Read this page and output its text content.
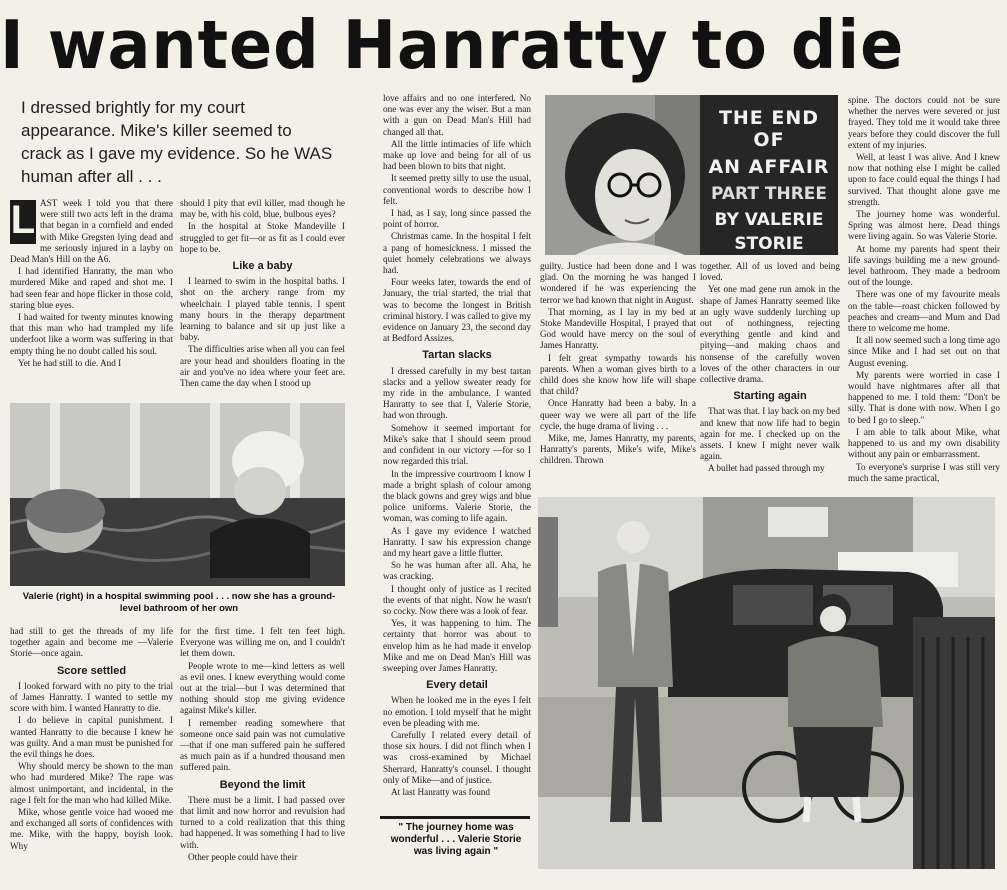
I wanted Hanratty to die
I dressed brightly for my court appearance. Mike's killer seemed to crack as I gave my evidence. So he WAS human after all . . .
L AST week I told you that there were still two acts left in the drama that began in a cornfield and ended with Mike Gregsten lying dead and me seriously injured in a layby on Dead Man's Hill on the A6.

I had identified Hanratty, the man who murdered Mike and raped and shot me. I had seen fear and hope flicker in those cold, staring blue eyes.

I had waited for twenty minutes knowing that this man who had trampled my life underfoot like a worm was suffering in that empty thing he no doubt called his soul.

Yet he had still to die. And I

should I pity that evil killer, mad though he may be, with his cold, blue, bulbous eyes?

In the hospital at Stoke Mandeville I struggled to get fit—or as fit as I could ever hope to be.

Like a baby

I learned to swim in the hospital baths. I shot on the archery range from my wheelchair. I played table tennis. I spent many hours in the therapy department learning to balance and sit up just like a baby.

The difficulties arise when all you can feel are your head and shoulders floating in the air and you've no idea where your feet are. Then came the day when I stood up

Valerie (right) in a hospital swimming pool . . . now she has a ground-level bathroom of her own

had still to get the threads of my life together again and become me —Valerie Storie—once again.

Score settled

I looked forward with no pity to the trial of James Hanratty. I wanted to settle my score with him. I wanted Hanratty to die.

I do believe in capital punishment. I wanted Hanratty to die because I knew he was guilty. And a man must be punished for the evil things he does.

Why should mercy be shown to the man who had murdered Mike? The rape was almost unimportant, and incidental, in the rage I felt for the man who had killed Mike.

Mike, whose gentle voice had wooed me and exchanged all sorts of confidences with me. Mike, with the happy, boyish look. Why

for the first time. I felt ten feet high. Everyone was willing me on, and I couldn't let them down.

People wrote to me—kind letters as well as evil ones. I knew everything would come out at the trial—but I was determined that nothing should stop me giving evidence against Mike's killer.

I remember reading somewhere that someone once said pain was not cumulative—that if one man suffered pain he suffered as much pain as if a hundred thousand men suffered pain.

Beyond the limit

There must be a limit. I had passed over that limit and now horror and revulsion had turned to a cold realization that this thing had happened. It was something I had to live with.

Other people could have their

love affairs and no one interfered. No one was ever any the wiser. But a man with a gun on Dead Man's Hill had changed all that.

All the little intimacies of life which make up love and being for all of us had been blown to bits that night.

It seemed pretty silly to use the usual, conventional words to describe how I felt.

I had, as I say, long since passed the point of horror.

Christmas came. In the hospital I felt a pang of homesickness. I missed the quiet homely celebrations we always had.

Four weeks later, towards the end of January, the trial started, the trial that was to become the longest in British criminal history. I was called to give my evidence on January 23, the second day at Bedford Assizes.

Tartan slacks

I dressed carefully in my best tartan slacks and a yellow sweater ready for my ride in the ambulance. I wanted Hanratty to see that I, Valerie Storie, had won through.

Somehow it seemed important for Mike's sake that I should seem proud and confident in our victory —for so I now regarded this trial.

In the impressive courtroom I know I made a bright splash of colour among the black gowns and grey wigs and blue police uniforms. Valerie Storie, the woman, was coming to life again.

As I gave my evidence I watched Hanratty. I saw his expression change and my heart gave a little flutter.

So he was human after all. Aha, he was cracking.

I thought only of justice as I recited the events of that night. Now he wasn't so cocky. Now there was a look of fear.

Yes, it was happening to him. The certainty that horror was about to envelop him as he had made it envelop Mike and me on Dead Man's Hill was sweeping over James Hanratty.

Every detail

When he looked me in the eyes I felt no emotion. I told myself that he might even be pleading with me.

Carefully I related every detail of those six hours. I did not flinch when I was cross-examined by Michael Sherrard, Hanratty's counsel. I thought only of Mike—and of justice.

At last Hanratty was found

" The journey home was wonderful . . . Valerie Storie was living again "
THE END OF
AN AFFAIR
PART THREE
BY VALERIE
STORIE

guilty. Justice had been done and I was glad. On the morning he was hanged I wondered if he was experiencing the terror we had known that night in August.

That morning, as I lay in my bed at Stoke Mandeville Hospital, I prayed that God would have mercy on the soul of James Hanratty.

I felt great sympathy towards his parents. When a woman gives birth to a child does she know how life will shape that child?

Once Hanratty had been a baby. In a queer way we were all part of the life cycle, the huge drama of living . . .

Mike, me, James Hanratty, my parents, Hanratty's parents, Mike's wife, Mike's children. Thrown

together. All of us loved and being loved.

Yet one mad gene run amok in the shape of James Hanratty seemed like an ugly wave suddenly lurching up out of nothingness, rejecting everything gentle and kind and pitying—and making chaos and nonsense of the carefully woven loves of the other characters in our collective drama.

Starting again

That was that. I lay back on my bed and knew that now life had to begin again for me. I checked up on the assets. I knew I might never walk again.

A bullet had passed through my

spine. The doctors could not be sure whether the nerves were severed or just frayed. They told me it would take three years before they could discover the full extent of my injuries.

Well, at least I was alive. And I knew now that nothing else I might be called upon to face could equal the things I had survived. That thought alone gave me strength.

The journey home was wonderful. Spring was almost here. Dead things were living again. So was Valerie Storie.

At home my parents had spent their life savings building me a new ground-level bathroom. They made a bedroom out of the lounge.

There was one of my favourite meals on the table—roast chicken followed by peaches and cream—and Mum and Dad there to welcome me home.

It all now seemed such a long time ago since Mike and I had set out on that August evening.

My parents were worried in case I would have nightmares after all that happened to me. I told them: "Don't be silly. That is done with now. When I go to bed I go to sleep."

I am able to talk about Mike, what happened to us and my own disability without any pain or embarrassment.

To everyone's surprise I was still very much the same practical,
